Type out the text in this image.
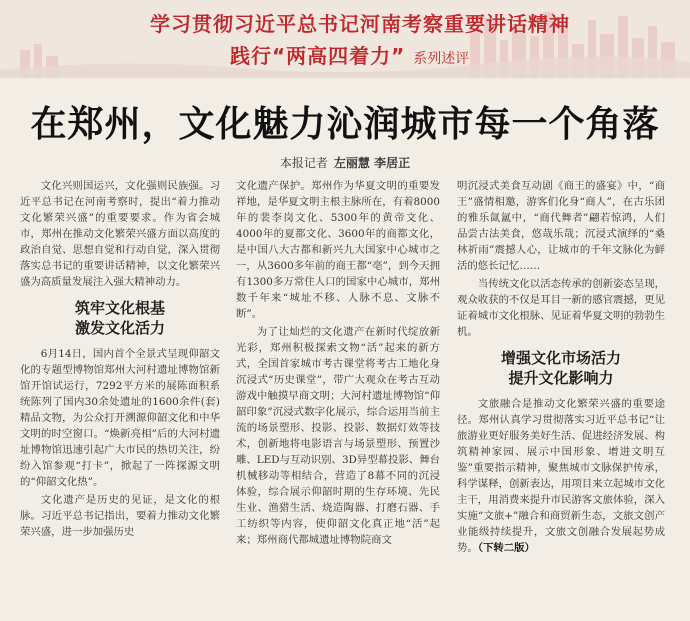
学习贯彻习近平总书记河南考察重要讲话精神
践行“两高四着力” 系列述评
在郑州，文化魅力沁润城市每一个角落
本报记者 左丽慧 李居正

文化兴则国运兴，文化强则民族强。习近平总书记在河南考察时，提出“着力推动文化繁荣兴盛”的重要要求。作为省会城市，郑州在推动文化繁荣兴盛方面以高度的政治自觉、思想自觉和行动自觉，深入贯彻落实总书记的重要讲话精神，以文化繁荣兴盛为高质量发展注入强大精神动力。

筑牢文化根基
激发文化活力

6月14日，国内首个全景式呈现仰韶文化的专题型博物馆郑州大河村遗址博物馆新馆开馆试运行，7292平方米的展陈面积系统陈列了国内30余处遗址的1600余件(套)精品文物，为公众打开溯源仰韶文化和中华文明的时空窗口。“焕新亮相”后的大河村遗址博物馆迅速引起广大市民的热切关注，纷纷入馆参观“打卡”，掀起了一阵探源文明的“仰韶文化热”。

文化遗产是历史的见证，是文化的根脉。习近平总书记指出，要着力推动文化繁荣兴盛，进一步加强历史

文化遗产保护。郑州作为华夏文明的重要发祥地，是华夏文明主根主脉所在，有着8000年的裴李岗文化、5300年的黄帝文化、4000年的夏都文化、3600年的商都文化，是中国八大古都和新兴九大国家中心城市之一，从3600多年前的商王都“亳”，到今天拥有1300多万常住人口的国家中心城市，郑州数千年来“城址不移、人脉不息、文脉不断”。

为了让灿烂的文化遗产在新时代绽放新光彩，郑州积极探索文物“活”起来的新方式，全国首家城市考古课堂将考古工地化身沉浸式“历史课堂”，带广大观众在考古互动游戏中触摸早商文明；大河村遗址博物馆“仰韶印象”沉浸式数字化展示，综合运用当前主流的场景塑形、投影、投影、数据灯效等技术，创新地将电影语言与场景塑形、预置沙雕、LED与互动识别、3D异型幕投影、舞台机械移动等相结合，营造了8幕不同的沉浸体验，综合展示仰韶时期的生存环境、先民生业、渔猎生活、烧造陶器、打磨石器、手工纺织等内容，使仰韶文化真正地“活”起来；郑州商代都城遗址博物院商文

明沉浸式美食互动剧《商王的盛宴》中，“商王”盛情相邀，游客们化身“商人”，在古乐团的雅乐氤氲中，“商代舞者”翩若惊鸿，人们品尝古法美食，悠哉乐哉；沉浸式演绎的“桑林祈雨”震撼人心，让城市的千年文脉化为鲜活的悠长记忆……

当传统文化以活态传承的创新姿态呈现，观众收获的不仅是耳目一新的感官震撼，更见证着城市文化根脉、见证着华夏文明的勃勃生机。

增强文化市场活力
提升文化影响力

文旅融合是推动文化繁荣兴盛的重要途径。郑州认真学习贯彻落实习近平总书记“让旅游业更好服务美好生活、促进经济发展、构筑精神家园、展示中国形象、增进文明互鉴”重要指示精神，聚焦城市文脉保护传承，科学谋释，创新表达，用项目来立起城市文化主干，用消费来提升市民游客文旅体验，深入实施“文旅+”融合和商贸新生态，文旅文创产业能级持续提升，文旅文创融合发展起势成势。（下转二版）
